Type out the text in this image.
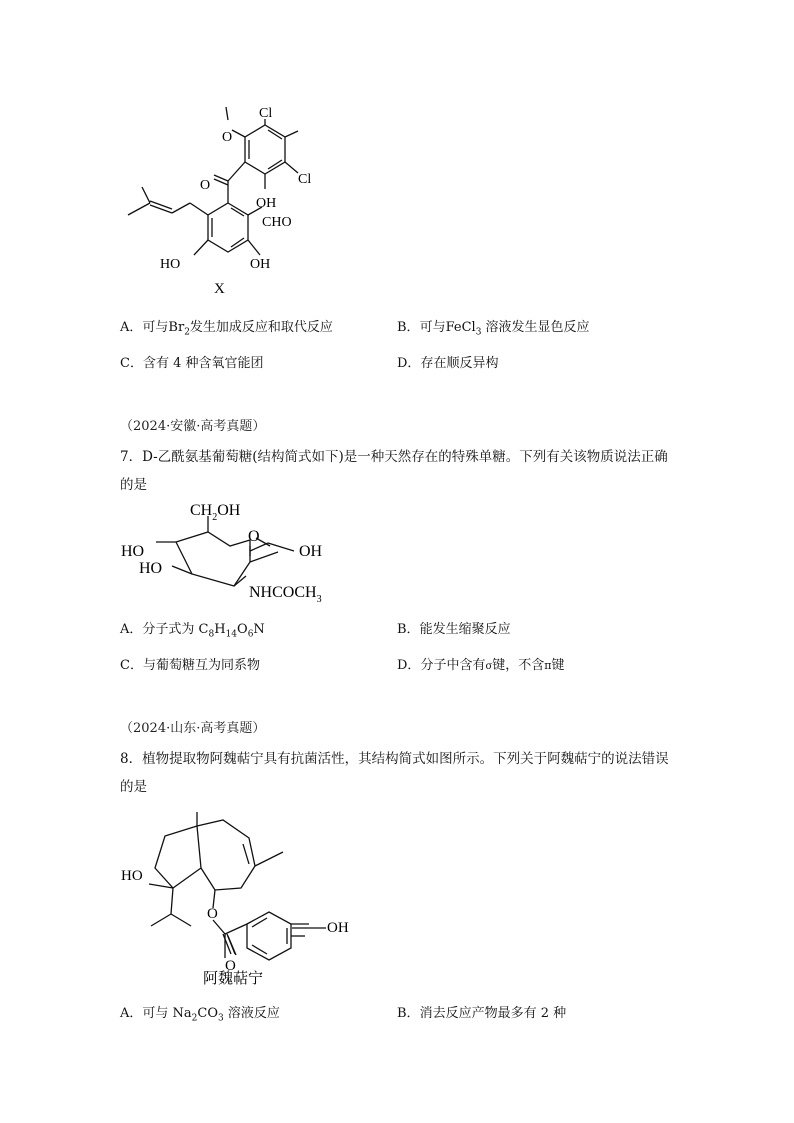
Cl
Cl
O
O
OH
CHO
HO	OH
X
A．可与$Br_2$发生加成反应和取代反应	B．可与FeCl$_3$ 溶液发生显色反应
C．含有 4 种含氧官能团	D．存在顺反异构
（2024·安徽·高考真题）
7．D-乙酰氨基葡萄糖(结构简式如下)是一种天然存在的特殊单糖。下列有关该物质说法正确的是
$CH_2OH$
O
OH
HO
HO
$NHCOCH_3$
A．分子式为 $C_8H_{14}O_6N$	B．能发生缩聚反应
C．与葡萄糖互为同系物	D．分子中含有σ键，不含π键
（2024·山东·高考真题）
8．植物提取物阿魏萜宁具有抗菌活性，其结构简式如图所示。下列关于阿魏萜宁的说法错误的是
HO
O
O
OH
阿魏萜宁
A．可与 $Na_2CO_3$ 溶液反应	B．消去反应产物最多有 2 种
